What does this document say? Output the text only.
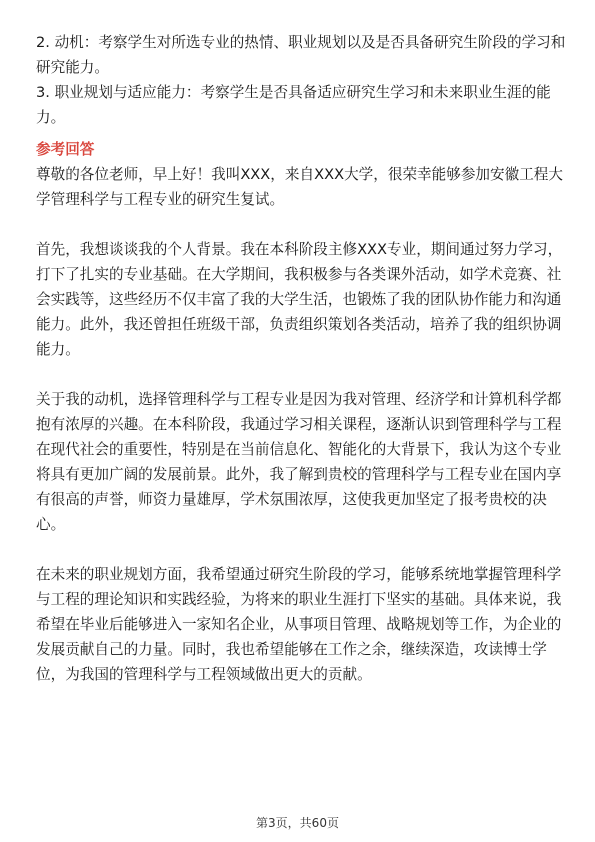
2. 动机：考察学生对所选专业的热情、职业规划以及是否具备研究生阶段的学习和

研究能力。

3. 职业规划与适应能力：考察学生是否具备适应研究生学习和未来职业生涯的能

力。

参考回答

尊敬的各位老师，早上好！我叫XXX，来自XXX大学，很荣幸能够参加安徽工程大

学管理科学与工程专业的研究生复试。

首先，我想谈谈我的个人背景。我在本科阶段主修XXX专业，期间通过努力学习，

打下了扎实的专业基础。在大学期间，我积极参与各类课外活动，如学术竞赛、社

会实践等，这些经历不仅丰富了我的大学生活，也锻炼了我的团队协作能力和沟通

能力。此外，我还曾担任班级干部，负责组织策划各类活动，培养了我的组织协调

能力。

关于我的动机，选择管理科学与工程专业是因为我对管理、经济学和计算机科学都

抱有浓厚的兴趣。在本科阶段，我通过学习相关课程，逐渐认识到管理科学与工程

在现代社会的重要性，特别是在当前信息化、智能化的大背景下，我认为这个专业

将具有更加广阔的发展前景。此外，我了解到贵校的管理科学与工程专业在国内享

有很高的声誉，师资力量雄厚，学术氛围浓厚，这使我更加坚定了报考贵校的决

心。

在未来的职业规划方面，我希望通过研究生阶段的学习，能够系统地掌握管理科学

与工程的理论知识和实践经验，为将来的职业生涯打下坚实的基础。具体来说，我

希望在毕业后能够进入一家知名企业，从事项目管理、战略规划等工作，为企业的

发展贡献自己的力量。同时，我也希望能够在工作之余，继续深造，攻读博士学

位，为我国的管理科学与工程领域做出更大的贡献。

第3页，共60页
